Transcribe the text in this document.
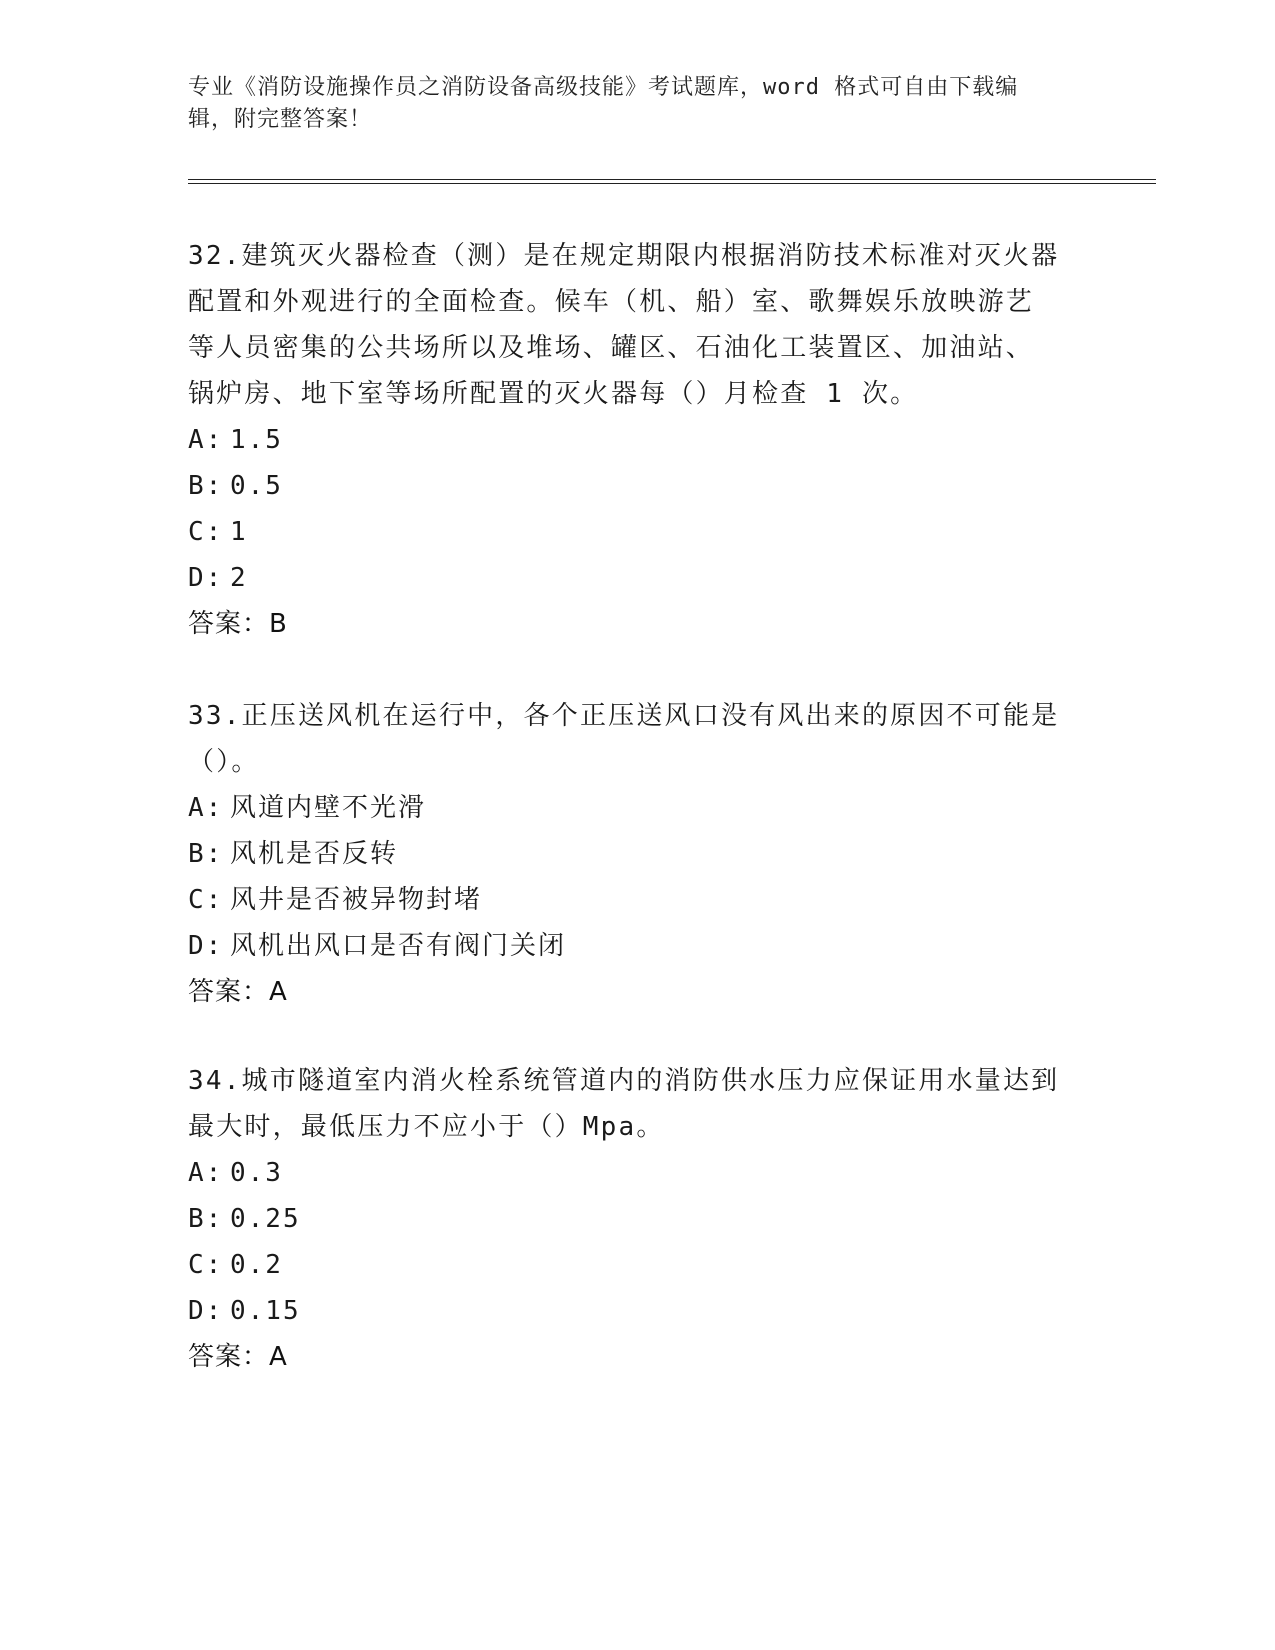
专业《消防设施操作员之消防设备高级技能》考试题库，word 格式可自由下载编
辑，附完整答案！

32.建筑灭火器检查（测）是在规定期限内根据消防技术标准对灭火器

配置和外观进行的全面检查。候车（机、船）室、歌舞娱乐放映游艺

等人员密集的公共场所以及堆场、罐区、石油化工装置区、加油站、

锅炉房、地下室等场所配置的灭火器每（）月检查 1 次。

A: 1.5

B: 0.5

C: 1

D: 2

答案：B

33.正压送风机在运行中，各个正压送风口没有风出来的原因不可能是

（）。

A: 风道内壁不光滑

B: 风机是否反转

C: 风井是否被异物封堵

D: 风机出风口是否有阀门关闭

答案：A

34.城市隧道室内消火栓系统管道内的消防供水压力应保证用水量达到

最大时，最低压力不应小于（）Mpa。

A: 0.3

B: 0.25

C: 0.2

D: 0.15

答案：A
